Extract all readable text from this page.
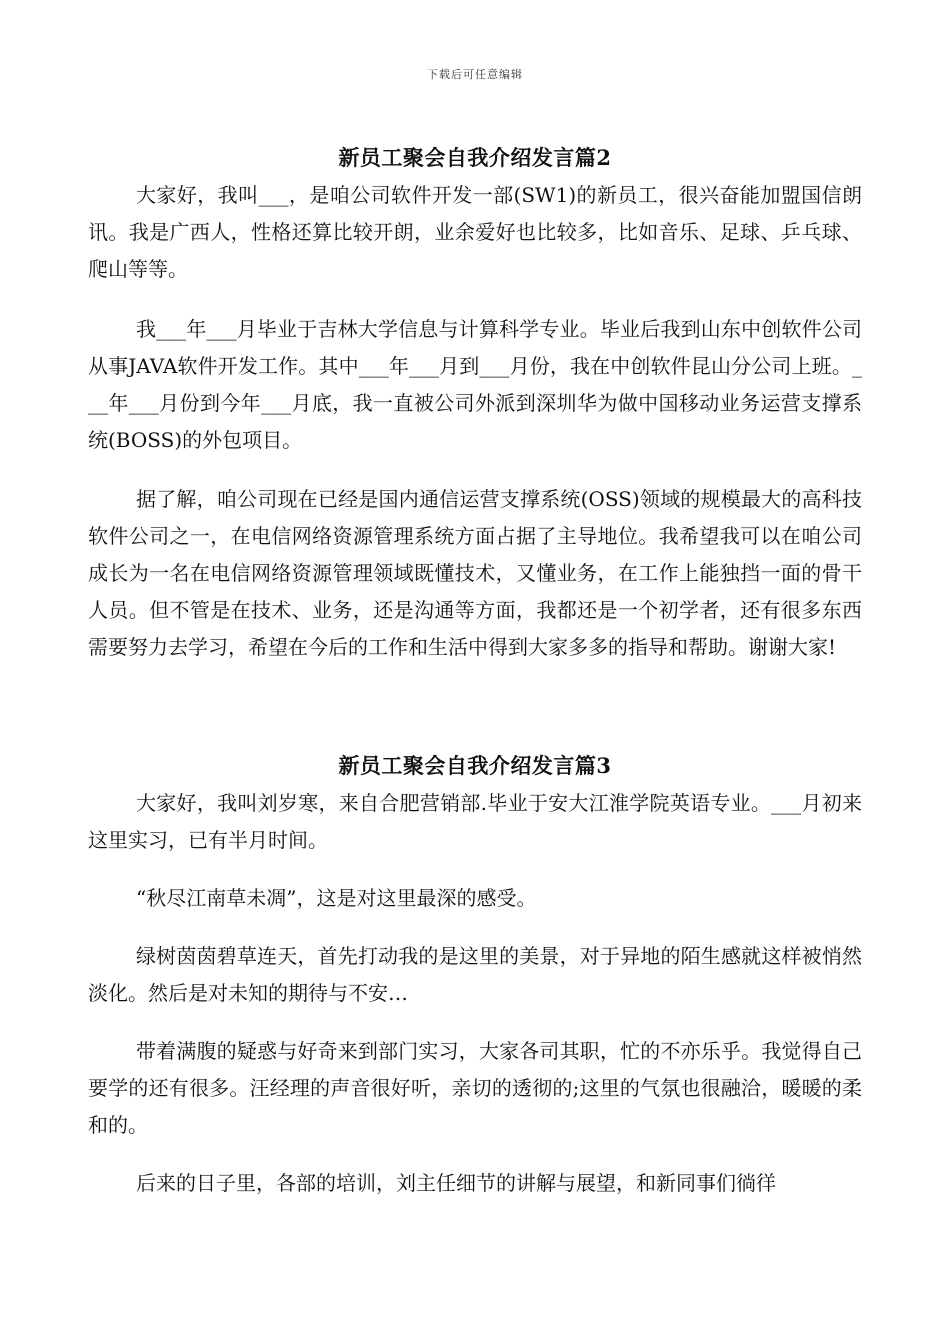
下载后可任意编辑
新员工聚会自我介绍发言篇2

大家好，我叫___，是咱公司软件开发一部(SW1)的新员工，很兴奋能加盟国信朗讯。我是广西人，性格还算比较开朗，业余爱好也比较多，比如音乐、足球、乒乓球、爬山等等。

我___年___月毕业于吉林大学信息与计算科学专业。毕业后我到山东中创软件公司从事JAVA软件开发工作。其中___年___月到___月份，我在中创软件昆山分公司上班。___年___月份到今年___月底，我一直被公司外派到深圳华为做中国移动业务运营支撑系统(BOSS)的外包项目。

据了解，咱公司现在已经是国内通信运营支撑系统(OSS)领域的规模最大的高科技软件公司之一，在电信网络资源管理系统方面占据了主导地位。我希望我可以在咱公司成长为一名在电信网络资源管理领域既懂技术，又懂业务，在工作上能独挡一面的骨干人员。但不管是在技术、业务，还是沟通等方面，我都还是一个初学者，还有很多东西需要努力去学习，希望在今后的工作和生活中得到大家多多的指导和帮助。谢谢大家!

新员工聚会自我介绍发言篇3

大家好，我叫刘岁寒，来自合肥营销部.毕业于安大江淮学院英语专业。___月初来这里实习，已有半月时间。

“秋尽江南草未凋”，这是对这里最深的感受。

绿树茵茵碧草连天，首先打动我的是这里的美景，对于异地的陌生感就这样被悄然淡化。然后是对未知的期待与不安…

带着满腹的疑惑与好奇来到部门实习，大家各司其职，忙的不亦乐乎。我觉得自己要学的还有很多。汪经理的声音很好听，亲切的透彻的;这里的气氛也很融洽，暖暖的柔和的。

后来的日子里，各部的培训，刘主任细节的讲解与展望，和新同事们徜徉
